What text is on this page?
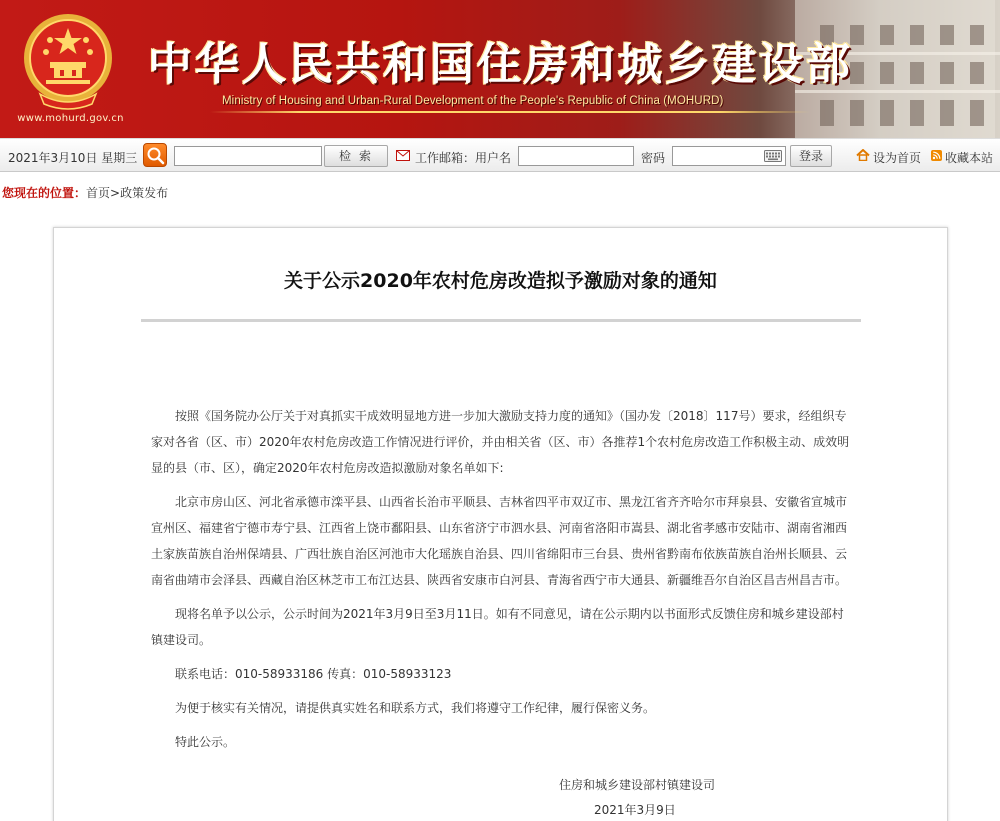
www.mohurd.gov.cn
中华人民共和国住房和城乡建设部
Ministry of Housing and Urban-Rural Development of the People's Republic of China (MOHURD)
2021年3月10日 星期三	检索	工作邮箱：用户名	密码	登录	设为首页 收藏本站
您现在的位置：首页>政策发布
关于公示2020年农村危房改造拟予激励对象的通知

按照《国务院办公厅关于对真抓实干成效明显地方进一步加大激励支持力度的通知》（国办发〔2018〕117号）要求，经组织专家对各省（区、市）2020年农村危房改造工作情况进行评价，并由相关省（区、市）各推荐1个农村危房改造工作积极主动、成效明显的县（市、区），确定2020年农村危房改造拟激励对象名单如下:

北京市房山区、河北省承德市滦平县、山西省长治市平顺县、吉林省四平市双辽市、黑龙江省齐齐哈尔市拜泉县、安徽省宣城市宣州区、福建省宁德市寿宁县、江西省上饶市鄱阳县、山东省济宁市泗水县、河南省洛阳市嵩县、湖北省孝感市安陆市、湖南省湘西土家族苗族自治州保靖县、广西壮族自治区河池市大化瑶族自治县、四川省绵阳市三台县、贵州省黔南布依族苗族自治州长顺县、云南省曲靖市会泽县、西藏自治区林芝市工布江达县、陕西省安康市白河县、青海省西宁市大通县、新疆维吾尔自治区昌吉州昌吉市。

现将名单予以公示，公示时间为2021年3月9日至3月11日。如有不同意见，请在公示期内以书面形式反馈住房和城乡建设部村镇建设司。

联系电话：010-58933186 传真：010-58933123

为便于核实有关情况，请提供真实姓名和联系方式，我们将遵守工作纪律，履行保密义务。

特此公示。

住房和城乡建设部村镇建设司
2021年3月9日
